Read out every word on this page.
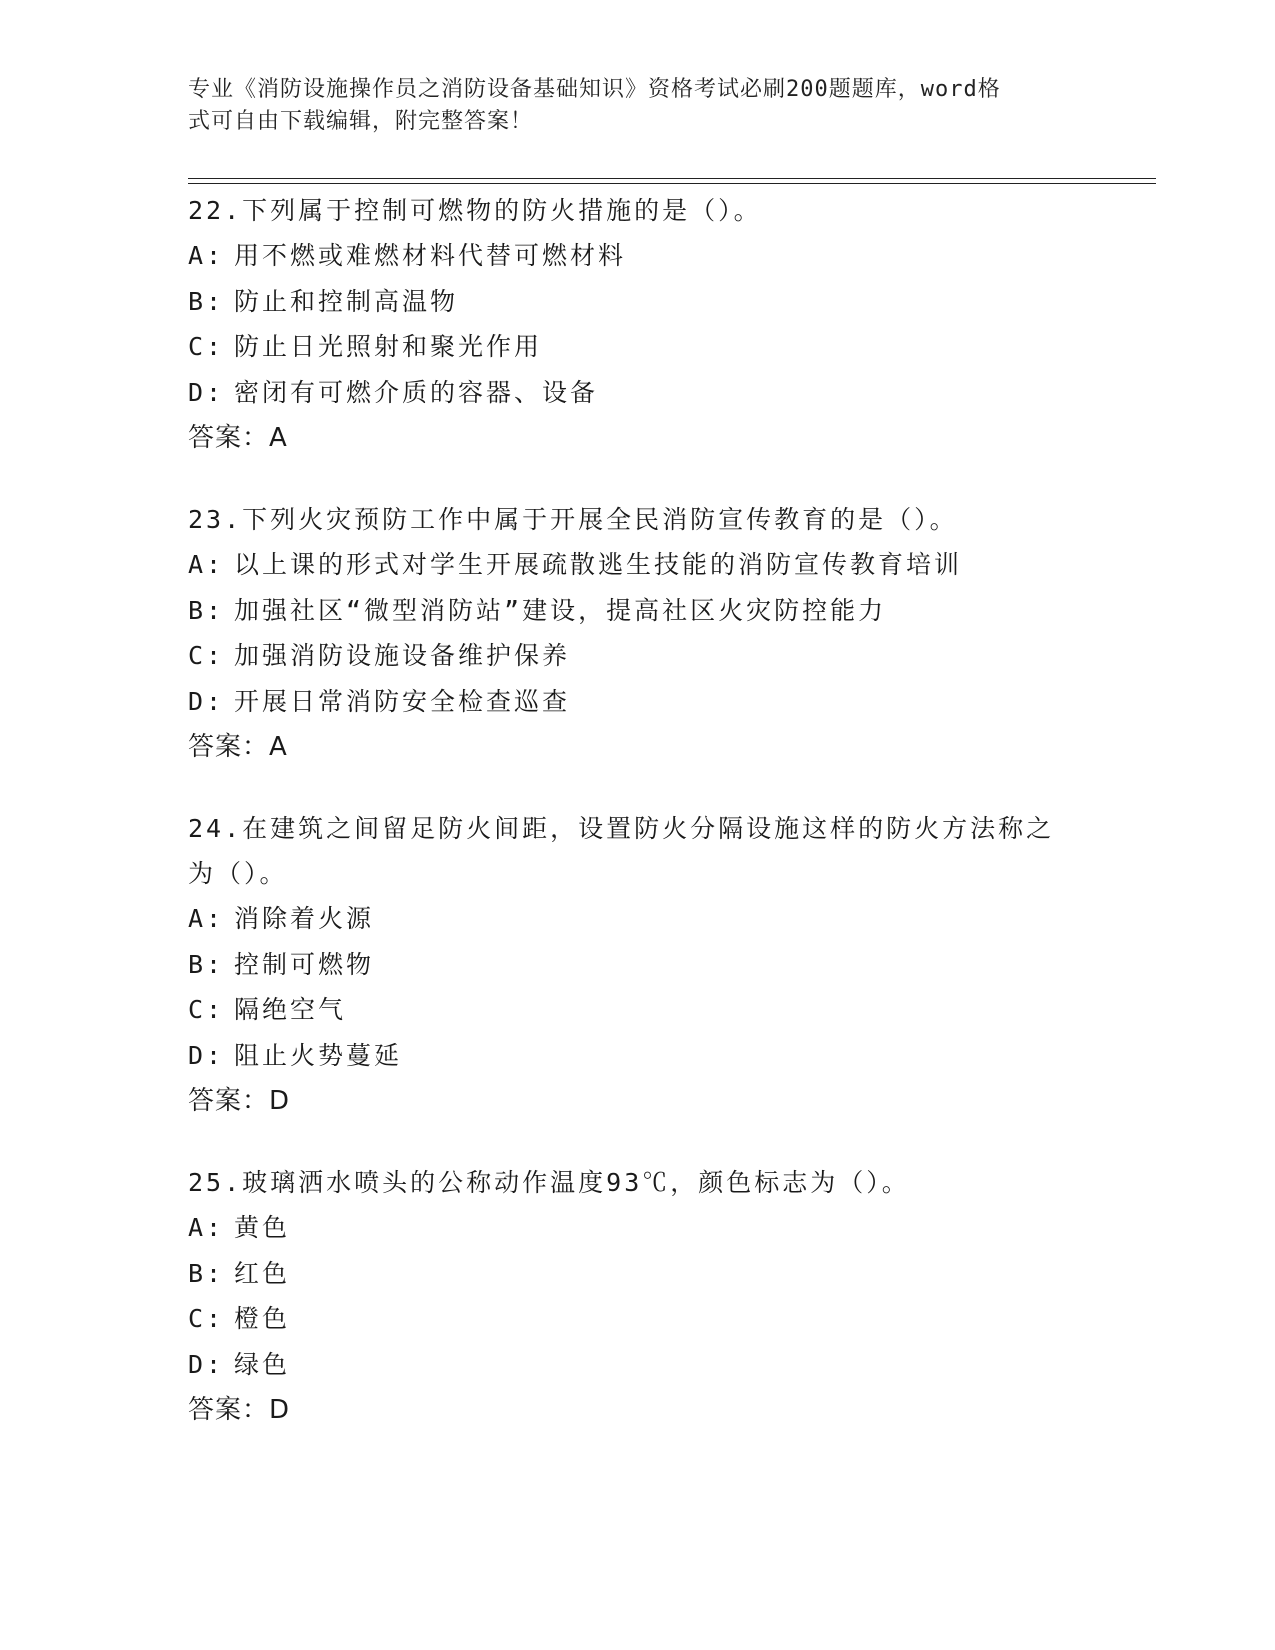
专业《消防设施操作员之消防设备基础知识》资格考试必刷200题题库，word格
式可自由下载编辑，附完整答案！

22.下列属于控制可燃物的防火措施的是（）。

A: 用不燃或难燃材料代替可燃材料
B: 防止和控制高温物
C: 防止日光照射和聚光作用
D: 密闭有可燃介质的容器、设备
答案：A

23.下列火灾预防工作中属于开展全民消防宣传教育的是（）。

A: 以上课的形式对学生开展疏散逃生技能的消防宣传教育培训
B: 加强社区“微型消防站”建设，提高社区火灾防控能力
C: 加强消防设施设备维护保养
D: 开展日常消防安全检查巡查
答案：A

24.在建筑之间留足防火间距，设置防火分隔设施这样的防火方法称之为（）。

A: 消除着火源
B: 控制可燃物
C: 隔绝空气
D: 阻止火势蔓延
答案：D

25.玻璃洒水喷头的公称动作温度93℃，颜色标志为（）。

A: 黄色
B: 红色
C: 橙色
D: 绿色
答案：D
